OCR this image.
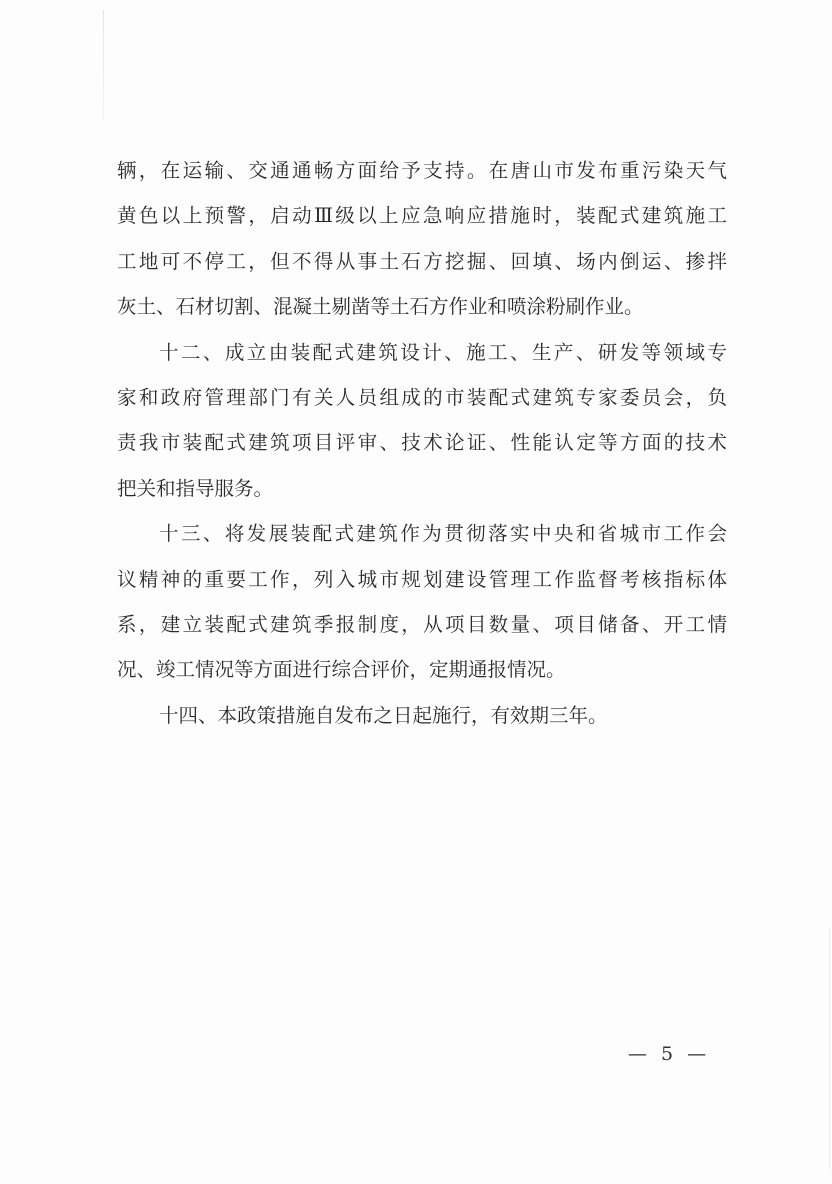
辆，在运输、交通通畅方面给予支持。在唐山市发布重污染天气
黄色以上预警，启动Ⅲ级以上应急响应措施时，装配式建筑施工
工地可不停工，但不得从事土石方挖掘、回填、场内倒运、掺拌
灰土、石材切割、混凝土剔凿等土石方作业和喷涂粉刷作业。
十二、成立由装配式建筑设计、施工、生产、研发等领域专
家和政府管理部门有关人员组成的市装配式建筑专家委员会，负
责我市装配式建筑项目评审、技术论证、性能认定等方面的技术
把关和指导服务。
十三、将发展装配式建筑作为贯彻落实中央和省城市工作会
议精神的重要工作，列入城市规划建设管理工作监督考核指标体
系，建立装配式建筑季报制度，从项目数量、项目储备、开工情
况、竣工情况等方面进行综合评价，定期通报情况。
十四、本政策措施自发布之日起施行，有效期三年。
— 5 —
